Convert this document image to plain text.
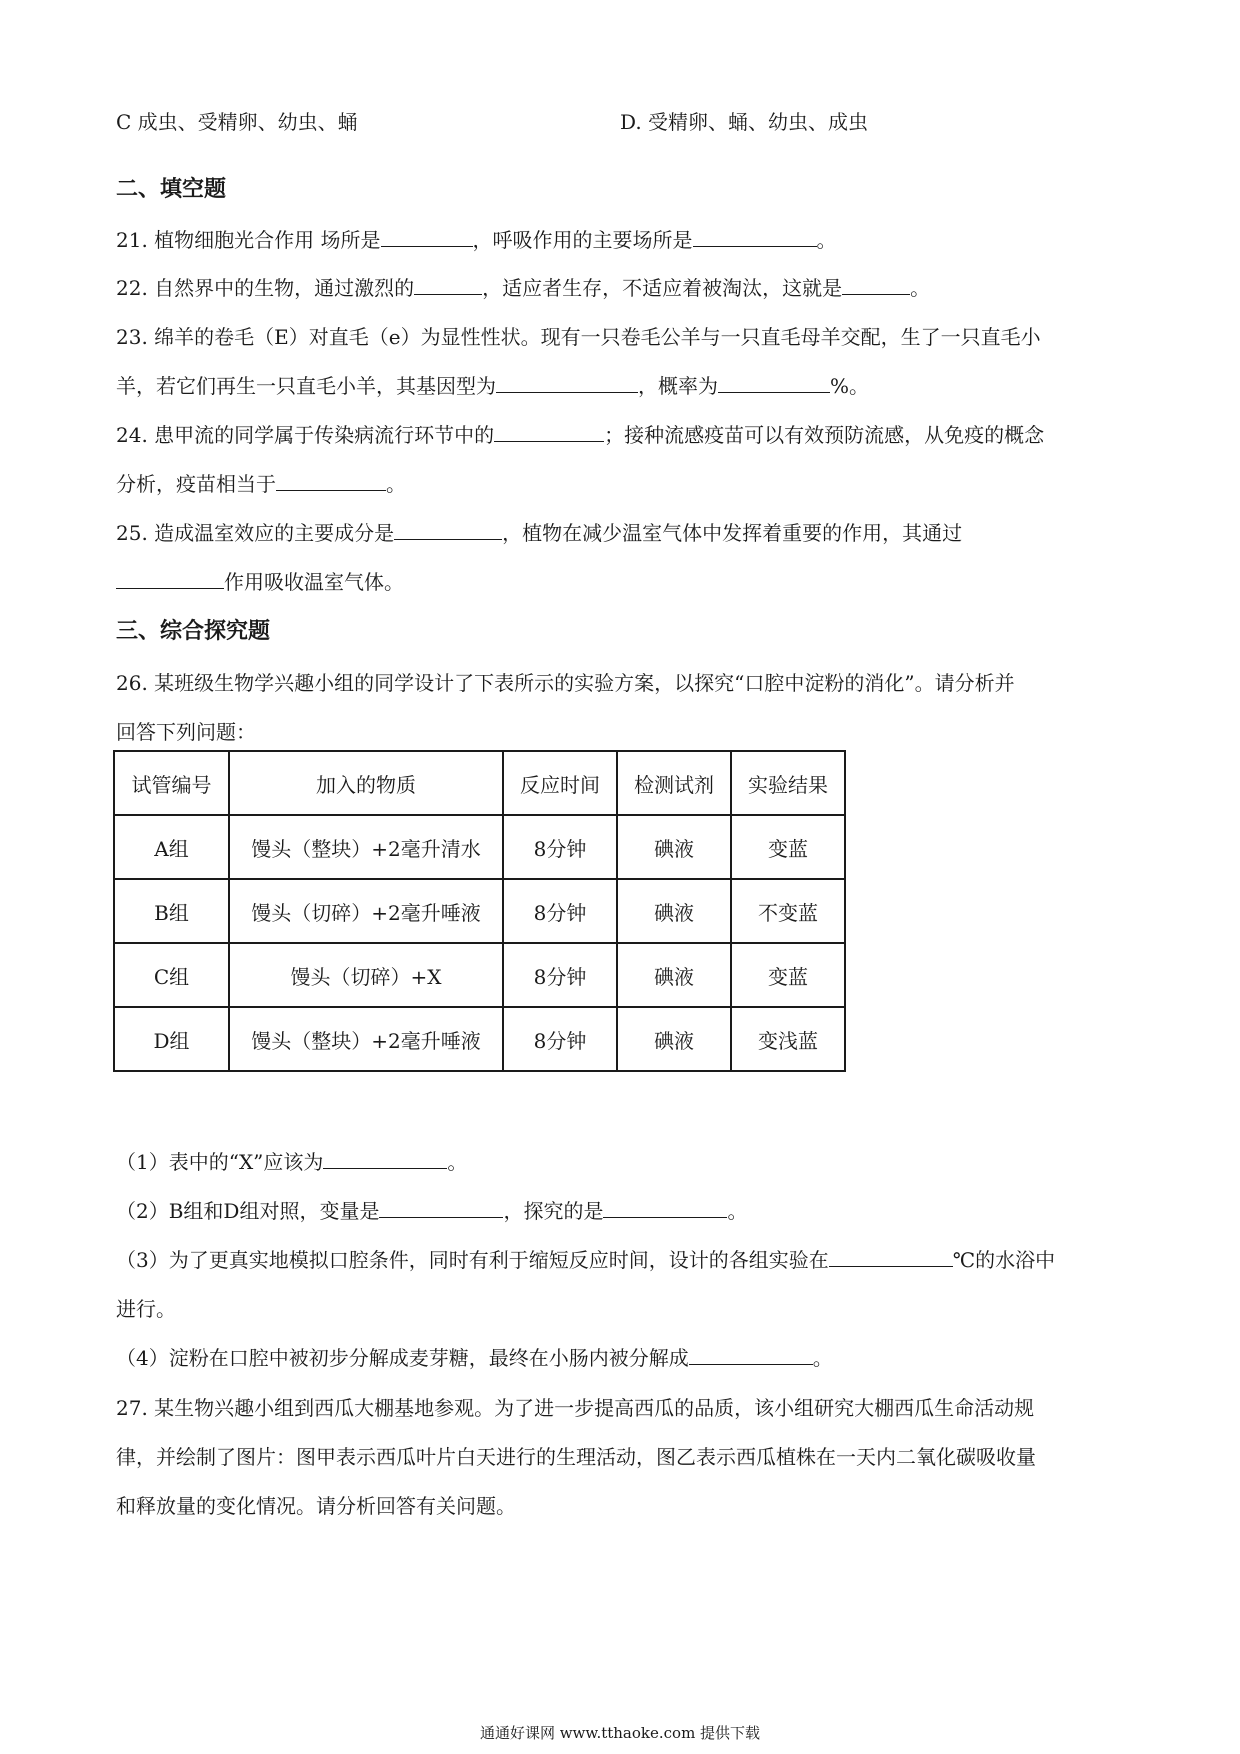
C 成虫、受精卵、幼虫、蛹	D. 受精卵、蛹、幼虫、成虫
二、填空题
21. 植物细胞光合作用 场所是	，呼吸作用的主要场所是	。
22. 自然界中的生物，通过激烈的	，适应者生存，不适应着被淘汰，这就是	。
23. 绵羊的卷毛（E）对直毛（e）为显性性状。现有一只卷毛公羊与一只直毛母羊交配，生了一只直毛小
羊，若它们再生一只直毛小羊，其基因型为	，概率为	%。
24. 患甲流的同学属于传染病流行环节中的	；接种流感疫苗可以有效预防流感，从免疫的概念
分析，疫苗相当于	。
25. 造成温室效应的主要成分是	，植物在减少温室气体中发挥着重要的作用，其通过
作用吸收温室气体。
三、综合探究题
26. 某班级生物学兴趣小组的同学设计了下表所示的实验方案，以探究“口腔中淀粉的消化”。请分析并
回答下列问题：
试管编号	加入的物质	反应时间	检测试剂	实验结果
A组	馒头（整块）+2毫升清水	8分钟	碘液	变蓝
B组	馒头（切碎）+2毫升唾液	8分钟	碘液	不变蓝
C组	馒头（切碎）+X	8分钟	碘液	变蓝
D组	馒头（整块）+2毫升唾液	8分钟	碘液	变浅蓝
（1）表中的“X”应该为	。
（2）B组和D组对照，变量是	，探究的是	。
（3）为了更真实地模拟口腔条件，同时有利于缩短反应时间，设计的各组实验在	℃的水浴中
进行。
（4）淀粉在口腔中被初步分解成麦芽糖，最终在小肠内被分解成	。
27. 某生物兴趣小组到西瓜大棚基地参观。为了进一步提高西瓜的品质，该小组研究大棚西瓜生命活动规
律，并绘制了图片：图甲表示西瓜叶片白天进行的生理活动，图乙表示西瓜植株在一天内二氧化碳吸收量
和释放量的变化情况。请分析回答有关问题。
通通好课网 www.tthaoke.com 提供下载
